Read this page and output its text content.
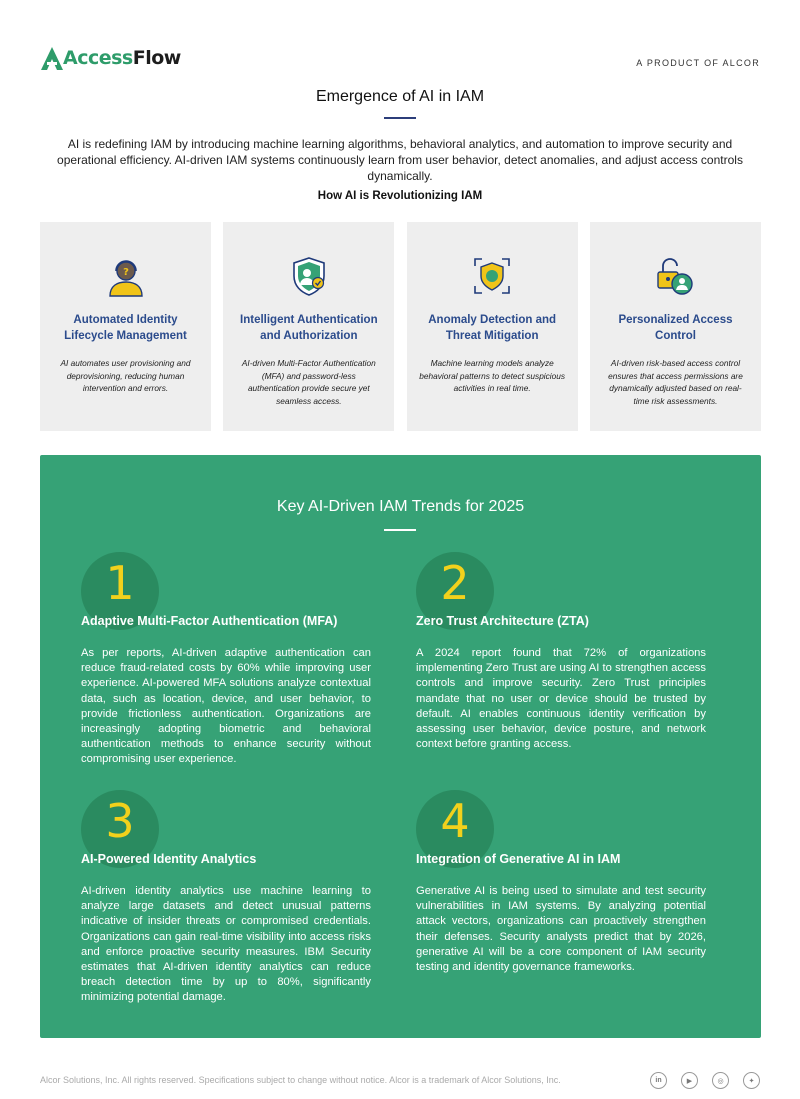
AccessFlow	A PRODUCT OF ALCOR
Emergence of AI in IAM
AI is redefining IAM by introducing machine learning algorithms, behavioral analytics, and automation to improve security and operational efficiency. AI-driven IAM systems continuously learn from user behavior, detect anomalies, and adjust access controls dynamically.
How AI is Revolutionizing IAM
?
Automated Identity Lifecycle Management
AI automates user provisioning and deprovisioning, reducing human intervention and errors.
Intelligent Authentication and Authorization
AI-driven Multi-Factor Authentication (MFA) and password-less authentication provide secure yet seamless access.
Anomaly Detection and Threat Mitigation
Machine learning models analyze behavioral patterns to detect suspicious activities in real time.
Personalized Access Control
AI-driven risk-based access control ensures that access permissions are dynamically adjusted based on real-time risk assessments.
Key AI-Driven IAM Trends for 2025
1
Adaptive Multi-Factor Authentication (MFA)
As per reports, AI-driven adaptive authentication can reduce fraud-related costs by 60% while improving user experience. AI-powered MFA solutions analyze contextual data, such as location, device, and user behavior, to provide frictionless authentication. Organizations are increasingly adopting biometric and behavioral authentication methods to enhance security without compromising user experience.
2
Zero Trust Architecture (ZTA)
A 2024 report found that 72% of organizations implementing Zero Trust are using AI to strengthen access controls and improve security. Zero Trust principles mandate that no user or device should be trusted by default. AI enables continuous identity verification by assessing user behavior, device posture, and network context before granting access.
3
AI-Powered Identity Analytics
AI-driven identity analytics use machine learning to analyze large datasets and detect unusual patterns indicative of insider threats or compromised credentials. Organizations can gain real-time visibility into access risks and enforce proactive security measures. IBM Security estimates that AI-driven identity analytics can reduce breach detection time by up to 80%, significantly minimizing potential damage.
4
Integration of Generative AI in IAM
Generative AI is being used to simulate and test security vulnerabilities in IAM systems. By analyzing potential attack vectors, organizations can proactively strengthen their defenses. Security analysts predict that by 2026, generative AI will be a core component of IAM security testing and identity governance frameworks.
Alcor Solutions, Inc. All rights reserved. Specifications subject to change without notice. Alcor is a trademark of Alcor Solutions, Inc.	in	▶	◎	✦
